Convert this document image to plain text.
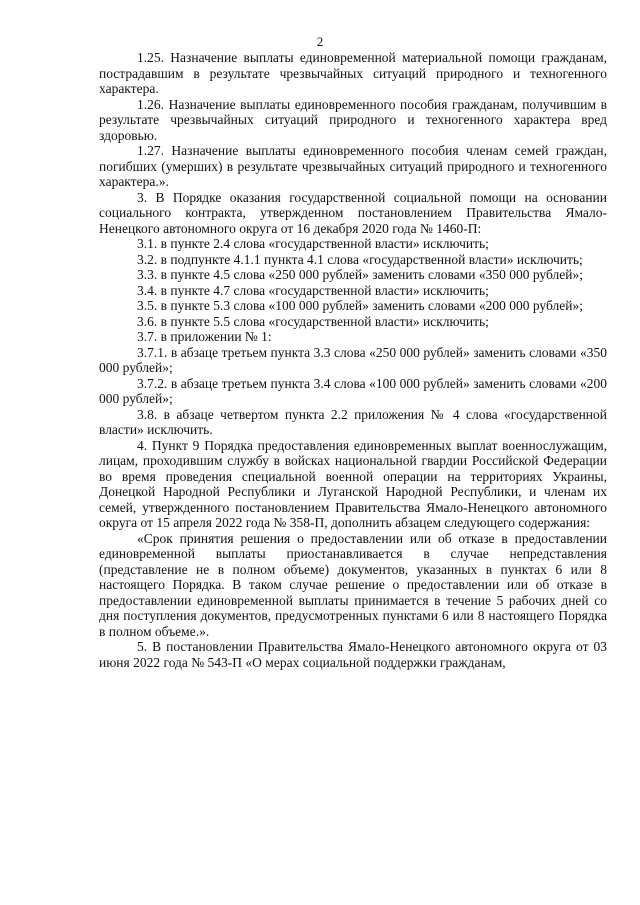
2

1.25. Назначение выплаты единовременной материальной помощи гражданам, пострадавшим в результате чрезвычайных ситуаций природного и техногенного характера.

1.26. Назначение выплаты единовременного пособия гражданам, получившим в результате чрезвычайных ситуаций природного и техногенного характера вред здоровью.

1.27. Назначение выплаты единовременного пособия членам семей граждан, погибших (умерших) в результате чрезвычайных ситуаций природного и техногенного характера.».

3. В Порядке оказания государственной социальной помощи на основании социального контракта, утвержденном постановлением Правительства Ямало-Ненецкого автономного округа от 16 декабря 2020 года № 1460-П:

3.1. в пункте 2.4 слова «государственной власти» исключить;

3.2. в подпункте 4.1.1 пункта 4.1 слова «государственной власти» исключить;

3.3. в пункте 4.5 слова «250 000 рублей» заменить словами «350 000 рублей»;

3.4. в пункте 4.7 слова «государственной власти» исключить;

3.5. в пункте 5.3 слова «100 000 рублей» заменить словами «200 000 рублей»;

3.6. в пункте 5.5 слова «государственной власти» исключить;

3.7. в приложении № 1:

3.7.1. в абзаце третьем пункта 3.3 слова «250 000 рублей» заменить словами «350 000 рублей»;

3.7.2. в абзаце третьем пункта 3.4 слова «100 000 рублей» заменить словами «200 000 рублей»;

3.8. в абзаце четвертом пункта 2.2 приложения № 4 слова «государственной власти» исключить.

4. Пункт 9 Порядка предоставления единовременных выплат военнослужащим, лицам, проходившим службу в войсках национальной гвардии Российской Федерации во время проведения специальной военной операции на территориях Украины, Донецкой Народной Республики и Луганской Народной Республики, и членам их семей, утвержденного постановлением Правительства Ямало-Ненецкого автономного округа от 15 апреля 2022 года № 358-П, дополнить абзацем следующего содержания:

«Срок принятия решения о предоставлении или об отказе в предоставлении единовременной выплаты приостанавливается в случае непредставления (представление не в полном объеме) документов, указанных в пунктах 6 или 8 настоящего Порядка. В таком случае решение о предоставлении или об отказе в предоставлении единовременной выплаты принимается в течение 5 рабочих дней со дня поступления документов, предусмотренных пунктами 6 или 8 настоящего Порядка в полном объеме.».

5. В постановлении Правительства Ямало-Ненецкого автономного округа от 03 июня 2022 года № 543-П «О мерах социальной поддержки гражданам,
